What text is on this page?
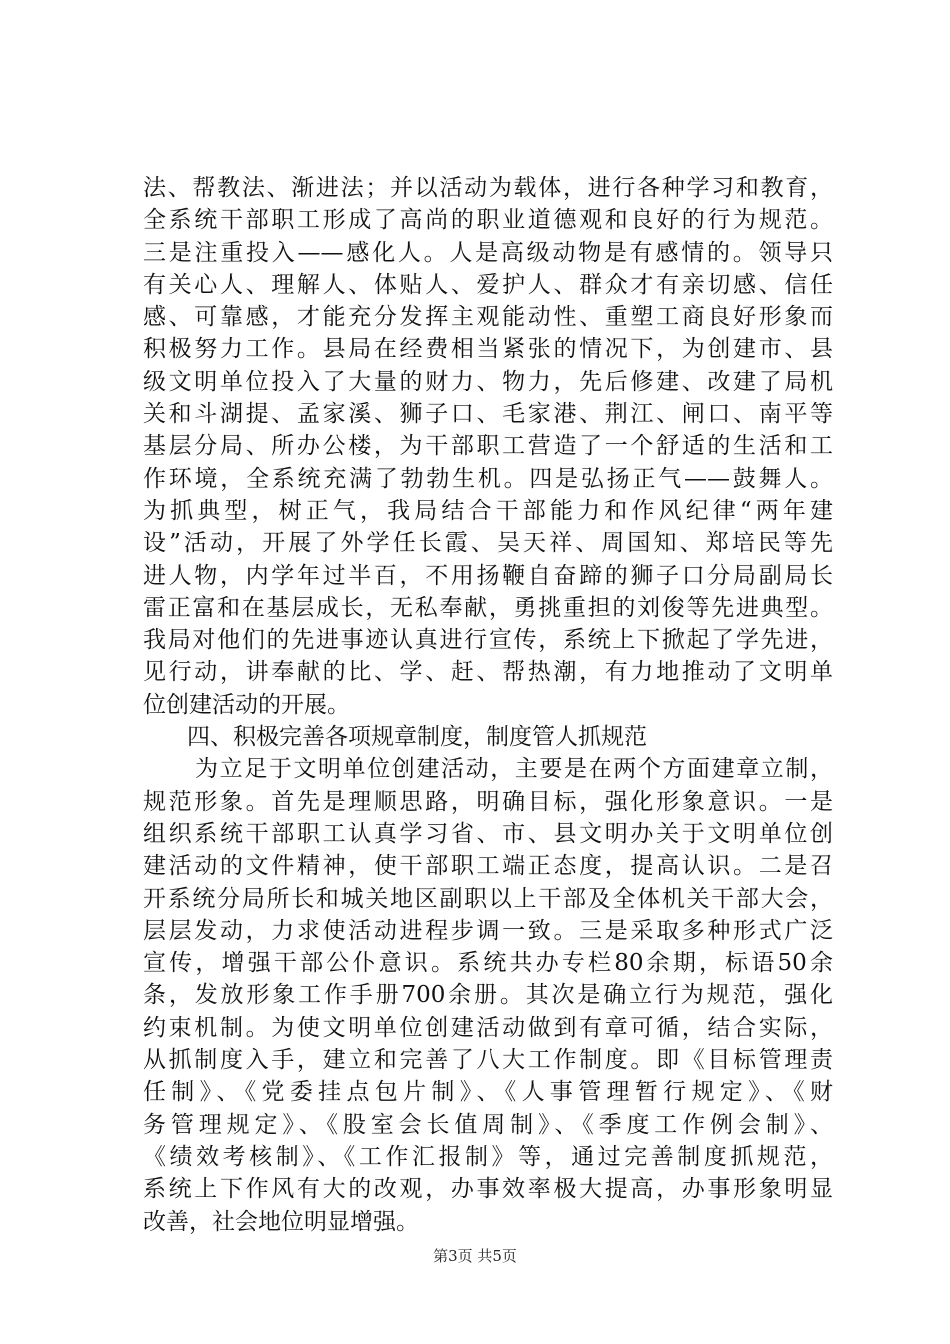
法、帮教法、渐进法；并以活动为载体，进行各种学习和教育，
全系统干部职工形成了高尚的职业道德观和良好的行为规范。
三是注重投入——感化人。人是高级动物是有感情的。领导只
有关心人、理解人、体贴人、爱护人、群众才有亲切感、信任
感、可靠感，才能充分发挥主观能动性、重塑工商良好形象而
积极努力工作。县局在经费相当紧张的情况下，为创建市、县
级文明单位投入了大量的财力、物力，先后修建、改建了局机
关和斗湖提、孟家溪、狮子口、毛家港、荆江、闸口、南平等
基层分局、所办公楼，为干部职工营造了一个舒适的生活和工
作环境，全系统充满了勃勃生机。四是弘扬正气——鼓舞人。
为抓典型，树正气，我局结合干部能力和作风纪律“两年建
设”活动，开展了外学任长霞、吴天祥、周国知、郑培民等先
进人物，内学年过半百，不用扬鞭自奋蹄的狮子口分局副局长
雷正富和在基层成长，无私奉献，勇挑重担的刘俊等先进典型。
我局对他们的先进事迹认真进行宣传，系统上下掀起了学先进，
见行动，讲奉献的比、学、赶、帮热潮，有力地推动了文明单
位创建活动的开展。
四、积极完善各项规章制度，制度管人抓规范
为立足于文明单位创建活动，主要是在两个方面建章立制，
规范形象。首先是理顺思路，明确目标，强化形象意识。一是
组织系统干部职工认真学习省、市、县文明办关于文明单位创
建活动的文件精神，使干部职工端正态度，提高认识。二是召
开系统分局所长和城关地区副职以上干部及全体机关干部大会，
层层发动，力求使活动进程步调一致。三是采取多种形式广泛
宣传，增强干部公仆意识。系统共办专栏80余期，标语50余
条，发放形象工作手册700余册。其次是确立行为规范，强化
约束机制。为使文明单位创建活动做到有章可循，结合实际，
从抓制度入手，建立和完善了八大工作制度。即《目标管理责
任制》、《党委挂点包片制》、《人事管理暂行规定》、《财
务管理规定》、《股室会长值周制》、《季度工作例会制》、
《绩效考核制》、《工作汇报制》等，通过完善制度抓规范，
系统上下作风有大的改观，办事效率极大提高，办事形象明显
改善，社会地位明显增强。
第3页 共5页
